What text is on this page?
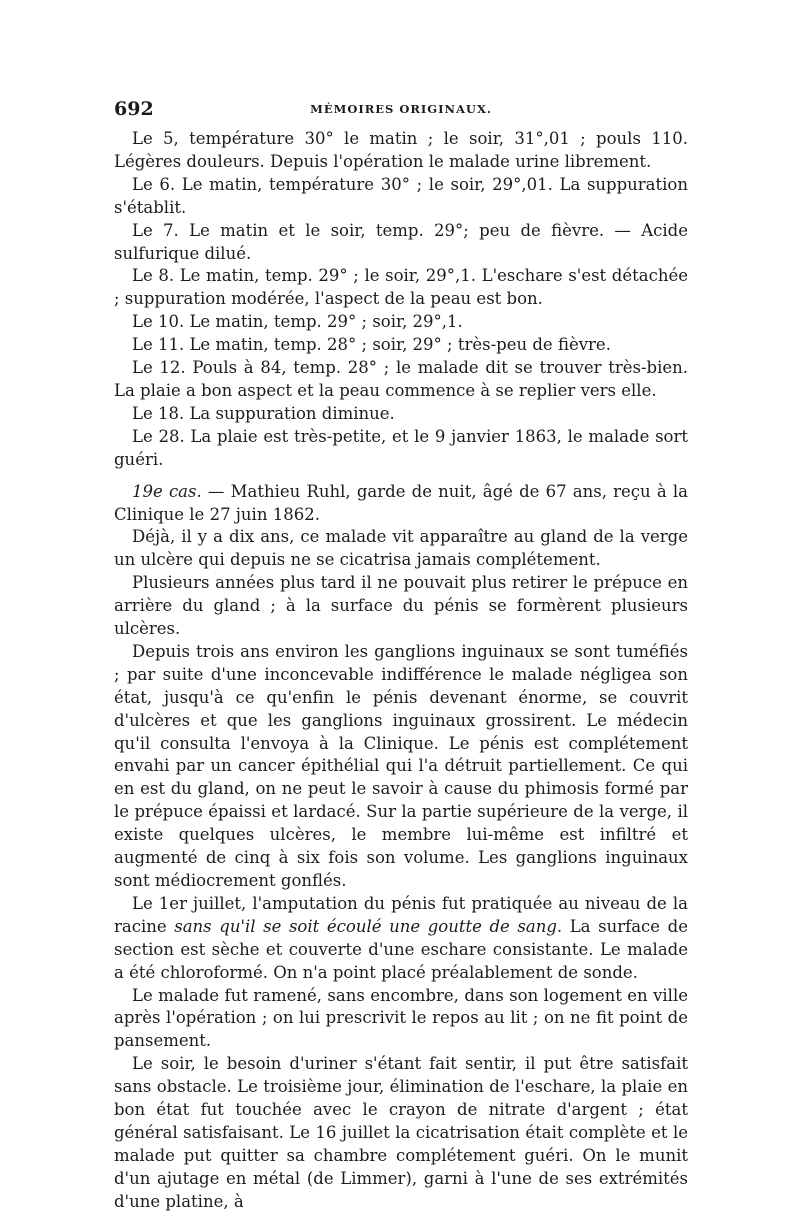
692	MÉMOIRES ORIGINAUX.

Le 5, température 30° le matin ; le soir, 31°,01 ; pouls 110. Légères douleurs. Depuis l'opération le malade urine librement.

Le 6. Le matin, température 30° ; le soir, 29°,01. La suppuration s'établit.

Le 7. Le matin et le soir, temp. 29°; peu de fièvre. — Acide sulfurique dilué.

Le 8. Le matin, temp. 29° ; le soir, 29°,1. L'eschare s'est détachée ; suppuration modérée, l'aspect de la peau est bon.

Le 10. Le matin, temp. 29° ; soir, 29°,1.

Le 11. Le matin, temp. 28° ; soir, 29° ; très-peu de fièvre.

Le 12. Pouls à 84, temp. 28° ; le malade dit se trouver très-bien. La plaie a bon aspect et la peau commence à se replier vers elle.

Le 18. La suppuration diminue.

Le 28. La plaie est très-petite, et le 9 janvier 1863, le malade sort guéri.

19e cas. — Mathieu Ruhl, garde de nuit, âgé de 67 ans, reçu à la Clinique le 27 juin 1862.

Déjà, il y a dix ans, ce malade vit apparaître au gland de la verge un ulcère qui depuis ne se cicatrisa jamais complétement.

Plusieurs années plus tard il ne pouvait plus retirer le prépuce en arrière du gland ; à la surface du pénis se formèrent plusieurs ulcères.

Depuis trois ans environ les ganglions inguinaux se sont tuméfiés ; par suite d'une inconcevable indifférence le malade négligea son état, jusqu'à ce qu'enfin le pénis devenant énorme, se couvrit d'ulcères et que les ganglions inguinaux grossirent. Le médecin qu'il consulta l'envoya à la Clinique. Le pénis est complétement envahi par un cancer épithélial qui l'a détruit partiellement. Ce qui en est du gland, on ne peut le savoir à cause du phimosis formé par le prépuce épaissi et lardacé. Sur la partie supérieure de la verge, il existe quelques ulcères, le membre lui-même est infiltré et augmenté de cinq à six fois son volume. Les ganglions inguinaux sont médiocrement gonflés.

Le 1er juillet, l'amputation du pénis fut pratiquée au niveau de la racine sans qu'il se soit écoulé une goutte de sang. La surface de section est sèche et couverte d'une eschare consistante. Le malade a été chloroformé. On n'a point placé préalablement de sonde.

Le malade fut ramené, sans encombre, dans son logement en ville après l'opération ; on lui prescrivit le repos au lit ; on ne fit point de pansement.

Le soir, le besoin d'uriner s'étant fait sentir, il put être satisfait sans obstacle. Le troisième jour, élimination de l'eschare, la plaie en bon état fut touchée avec le crayon de nitrate d'argent ; état général satisfaisant. Le 16 juillet la cicatrisation était complète et le malade put quitter sa chambre complétement guéri. On le munit d'un ajutage en métal (de Limmer), garni à l'une de ses extrémités d'une platine, à
